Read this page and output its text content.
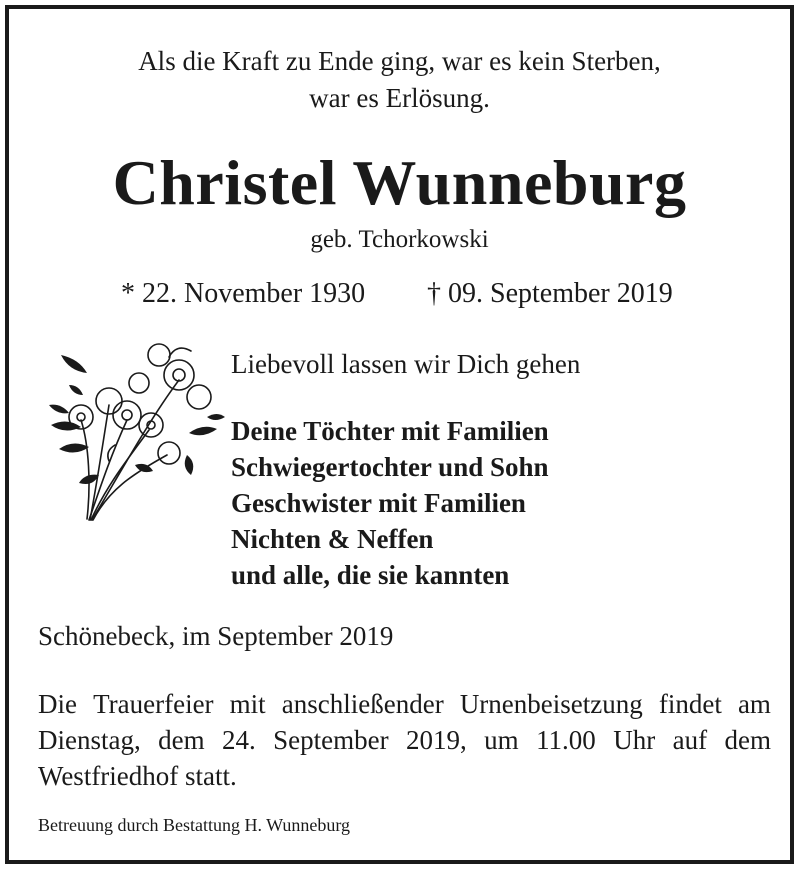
Als die Kraft zu Ende ging, war es kein Sterben,
war es Erlösung.
Christel Wunneburg
geb. Tchorkowski
* 22. November 1930 † 09. September 2019
Liebevoll lassen wir Dich gehen
Deine Töchter mit Familien
Schwiegertochter und Sohn
Geschwister mit Familien
Nichten & Neffen
und alle, die sie kannten
Schönebeck, im September 2019
Die Trauerfeier mit anschließender Urnenbeisetzung findet am
Dienstag, dem 24. September 2019, um 11.00 Uhr auf dem
Westfriedhof statt.
Betreuung durch Bestattung H. Wunneburg
